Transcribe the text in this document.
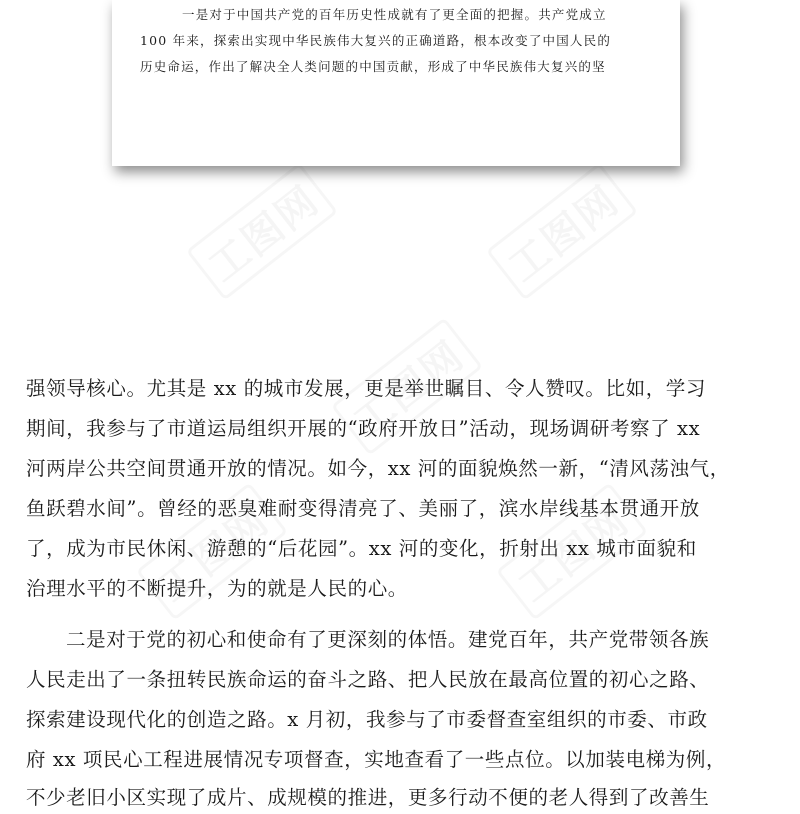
一是对于中国共产党的百年历史性成就有了更全面的把握。共产党成立

100 年来，探索出实现中华民族伟大复兴的正确道路，根本改变了中国人民的

历史命运，作出了解决全人类问题的中国贡献，形成了中华民族伟大复兴的坚

强领导核心。尤其是 xx 的城市发展，更是举世瞩目、令人赞叹。比如，学习

期间，我参与了市道运局组织开展的“政府开放日”活动，现场调研考察了 xx

河两岸公共空间贯通开放的情况。如今，xx 河的面貌焕然一新，“清风荡浊气，

鱼跃碧水间”。曾经的恶臭难耐变得清亮了、美丽了，滨水岸线基本贯通开放

了，成为市民休闲、游憩的“后花园”。xx 河的变化，折射出 xx 城市面貌和

治理水平的不断提升，为的就是人民的心。

二是对于党的初心和使命有了更深刻的体悟。建党百年，共产党带领各族

人民走出了一条扭转民族命运的奋斗之路、把人民放在最高位置的初心之路、

探索建设现代化的创造之路。x 月初，我参与了市委督查室组织的市委、市政

府 xx 项民心工程进展情况专项督查，实地查看了一些点位。以加装电梯为例，

不少老旧小区实现了成片、成规模的推进，更多行动不便的老人得到了改善生
